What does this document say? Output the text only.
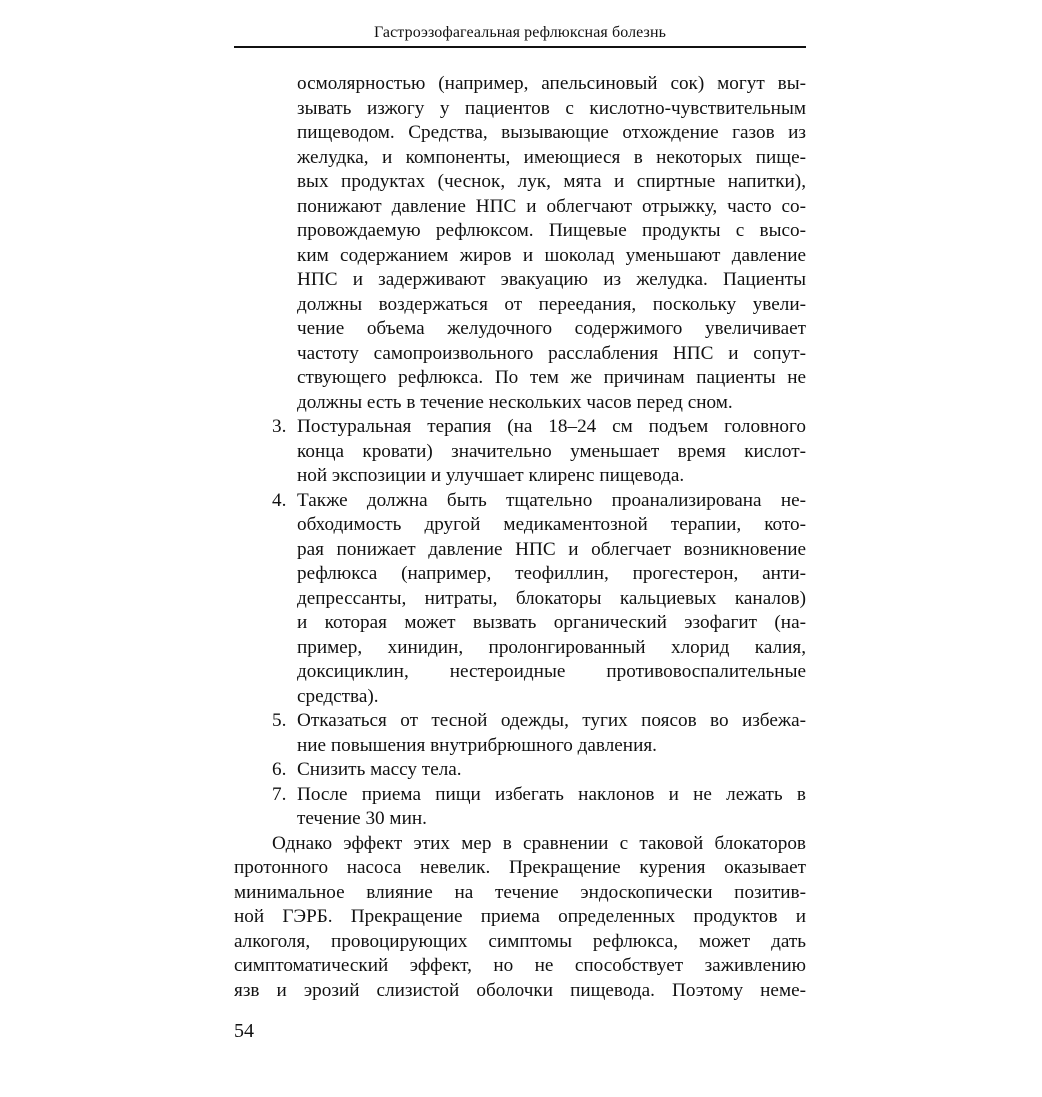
Гастроэзофагеальная рефлюксная болезнь
осмолярностью (например, апельсиновый сок) могут вы-
зывать изжогу у пациентов с кислотно-чувствительным
пищеводом. Средства, вызывающие отхождение газов из
желудка, и компоненты, имеющиеся в некоторых пище-
вых продуктах (чеснок, лук, мята и спиртные напитки),
понижают давление НПС и облегчают отрыжку, часто со-
провождаемую рефлюксом. Пищевые продукты с высо-
ким содержанием жиров и шоколад уменьшают давление
НПС и задерживают эвакуацию из желудка. Пациенты
должны воздержаться от переедания, поскольку увели-
чение объема желудочного содержимого увеличивает
частоту самопроизвольного расслабления НПС и сопут-
ствующего рефлюкса. По тем же причинам пациенты не
должны есть в течение нескольких часов перед сном.
3. Постуральная терапия (на 18–24 см подъем головного
конца кровати) значительно уменьшает время кислот-
ной экспозиции и улучшает клиренс пищевода.
4. Также должна быть тщательно проанализирована не-
обходимость другой медикаментозной терапии, кото-
рая понижает давление НПС и облегчает возникновение
рефлюкса (например, теофиллин, прогестерон, анти-
депрессанты, нитраты, блокаторы кальциевых каналов)
и которая может вызвать органический эзофагит (на-
пример, хинидин, пролонгированный хлорид калия,
доксициклин, нестероидные противовоспалительные
средства).
5. Отказаться от тесной одежды, тугих поясов во избежа-
ние повышения внутрибрюшного давления.
6. Снизить массу тела.
7. После приема пищи избегать наклонов и не лежать в
течение 30 мин.
Однако эффект этих мер в сравнении с таковой блокаторов
протонного насоса невелик. Прекращение курения оказывает
минимальное влияние на течение эндоскопически позитив-
ной ГЭРБ. Прекращение приема определенных продуктов и
алкоголя, провоцирующих симптомы рефлюкса, может дать
симптоматический эффект, но не способствует заживлению
язв и эрозий слизистой оболочки пищевода. Поэтому неме-
54
